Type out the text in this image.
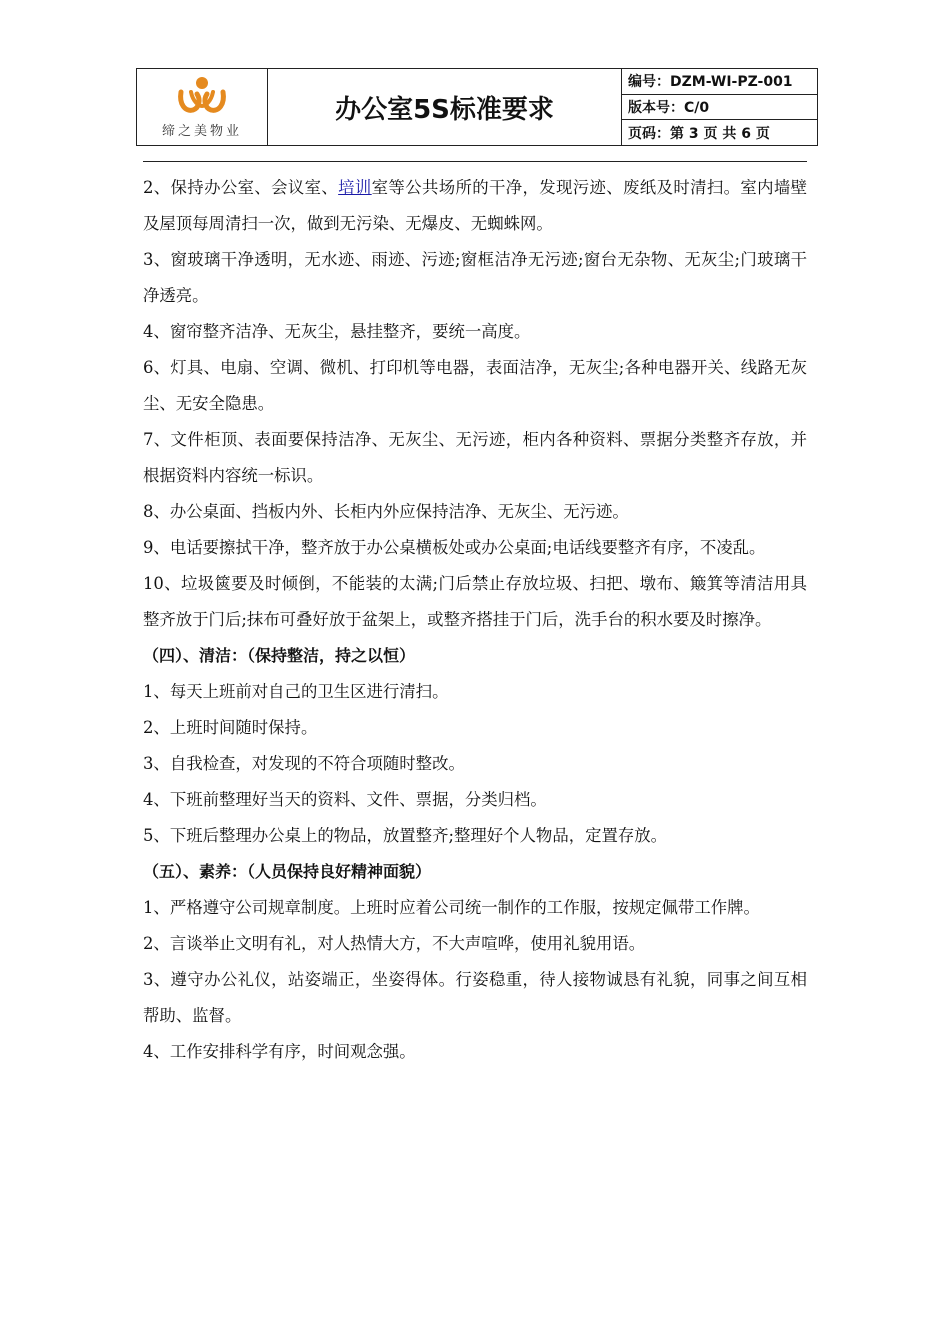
缔之美物业
办公室5S标准要求
编号：DZM-WI-PZ-001
版本号：C/0
页码：第 3 页 共 6 页

2、保持办公室、会议室、培训室等公共场所的干净，发现污迹、废纸及时清扫。室内墙壁及屋顶每周清扫一次，做到无污染、无爆皮、无蜘蛛网。

3、窗玻璃干净透明，无水迹、雨迹、污迹;窗框洁净无污迹;窗台无杂物、无灰尘;门玻璃干净透亮。

4、窗帘整齐洁净、无灰尘，悬挂整齐，要统一高度。

6、灯具、电扇、空调、微机、打印机等电器，表面洁净，无灰尘;各种电器开关、线路无灰尘、无安全隐患。

7、文件柜顶、表面要保持洁净、无灰尘、无污迹，柜内各种资料、票据分类整齐存放，并根据资料内容统一标识。

8、办公桌面、挡板内外、长柜内外应保持洁净、无灰尘、无污迹。

9、电话要擦拭干净，整齐放于办公桌横板处或办公桌面;电话线要整齐有序，不凌乱。

10、垃圾篋要及时倾倒，不能装的太满;门后禁止存放垃圾、扫把、墩布、簸箕等清洁用具整齐放于门后;抹布可叠好放于盆架上，或整齐搭挂于门后，洗手台的积水要及时擦净。

（四）、清洁：（保持整洁，持之以恒）

1、每天上班前对自己的卫生区进行清扫。

2、上班时间随时保持。

3、自我检查，对发现的不符合项随时整改。

4、下班前整理好当天的资料、文件、票据，分类归档。

5、下班后整理办公桌上的物品，放置整齐;整理好个人物品，定置存放。

（五）、素养：（人员保持良好精神面貌）

1、严格遵守公司规章制度。上班时应着公司统一制作的工作服，按规定佩带工作牌。

2、言谈举止文明有礼，对人热情大方，不大声喧哗，使用礼貌用语。

3、遵守办公礼仪，站姿端正，坐姿得体。行姿稳重，待人接物诚恳有礼貌，同事之间互相帮助、监督。

4、工作安排科学有序，时间观念强。
